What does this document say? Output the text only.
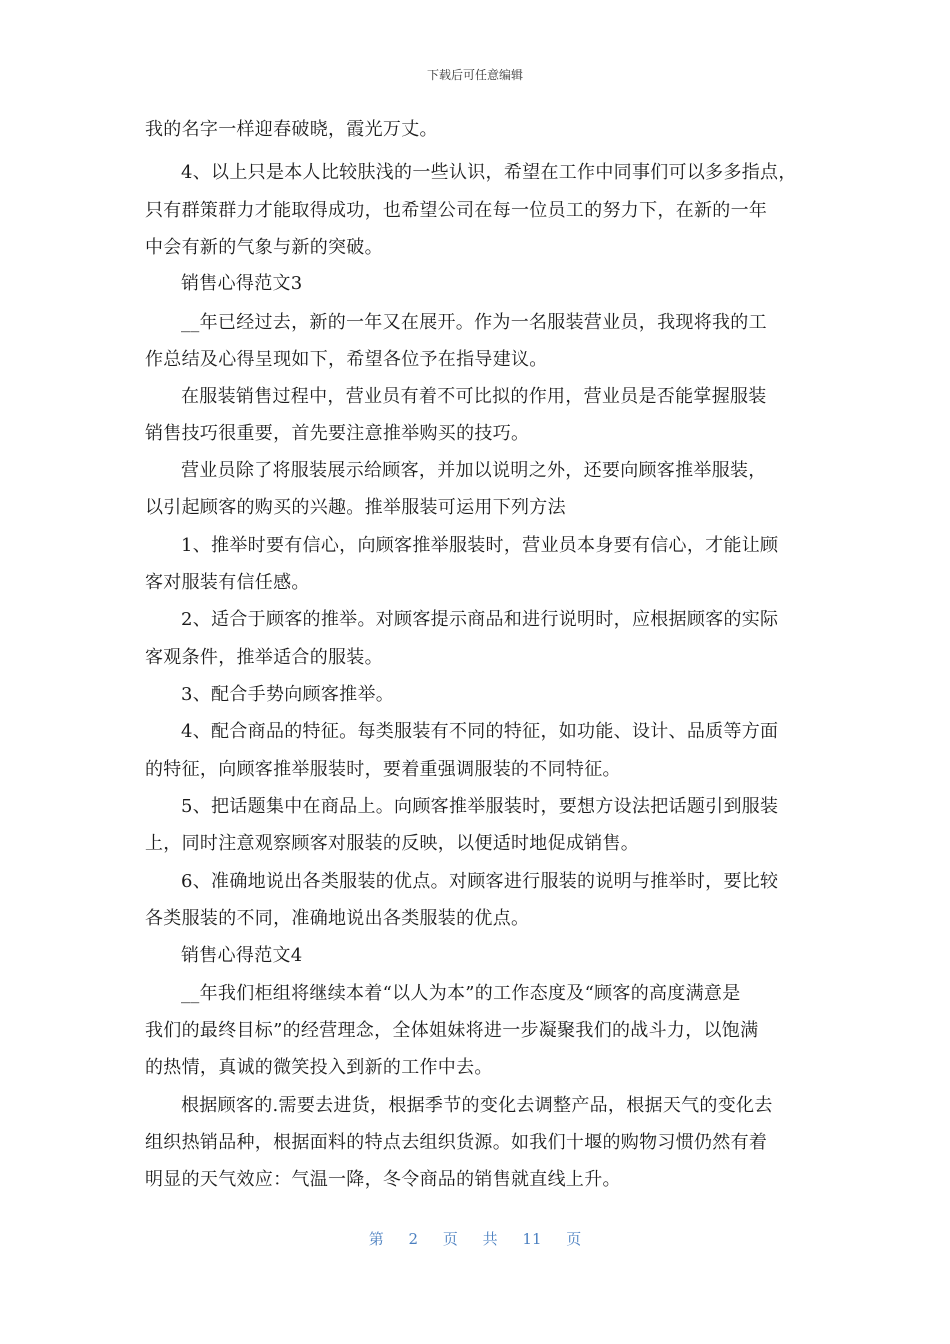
下载后可任意编辑
我的名字一样迎春破晓，霞光万丈。
4、以上只是本人比较肤浅的一些认识，希望在工作中同事们可以多多指点，
只有群策群力才能取得成功，也希望公司在每一位员工的努力下，在新的一年
中会有新的气象与新的突破。
销售心得范文3
__年已经过去，新的一年又在展开。作为一名服装营业员，我现将我的工
作总结及心得呈现如下，希望各位予在指导建议。
在服装销售过程中，营业员有着不可比拟的作用，营业员是否能掌握服装
销售技巧很重要，首先要注意推举购买的技巧。
营业员除了将服装展示给顾客，并加以说明之外，还要向顾客推举服装，
以引起顾客的购买的兴趣。推举服装可运用下列方法
1、推举时要有信心，向顾客推举服装时，营业员本身要有信心，才能让顾
客对服装有信任感。
2、适合于顾客的推举。对顾客提示商品和进行说明时，应根据顾客的实际
客观条件，推举适合的服装。
3、配合手势向顾客推举。
4、配合商品的特征。每类服装有不同的特征，如功能、设计、品质等方面
的特征，向顾客推举服装时，要着重强调服装的不同特征。
5、把话题集中在商品上。向顾客推举服装时，要想方设法把话题引到服装
上，同时注意观察顾客对服装的反映，以便适时地促成销售。
6、准确地说出各类服装的优点。对顾客进行服装的说明与推举时，要比较
各类服装的不同，准确地说出各类服装的优点。
销售心得范文4
__年我们柜组将继续本着“以人为本”的工作态度及“顾客的高度满意是
我们的最终目标”的经营理念，全体姐妹将进一步凝聚我们的战斗力，以饱满
的热情，真诚的微笑投入到新的工作中去。
根据顾客的.需要去进货，根据季节的变化去调整产品，根据天气的变化去
组织热销品种，根据面料的特点去组织货源。如我们十堰的购物习惯仍然有着
明显的天气效应：气温一降，冬令商品的销售就直线上升。
第 2 页 共 11 页
